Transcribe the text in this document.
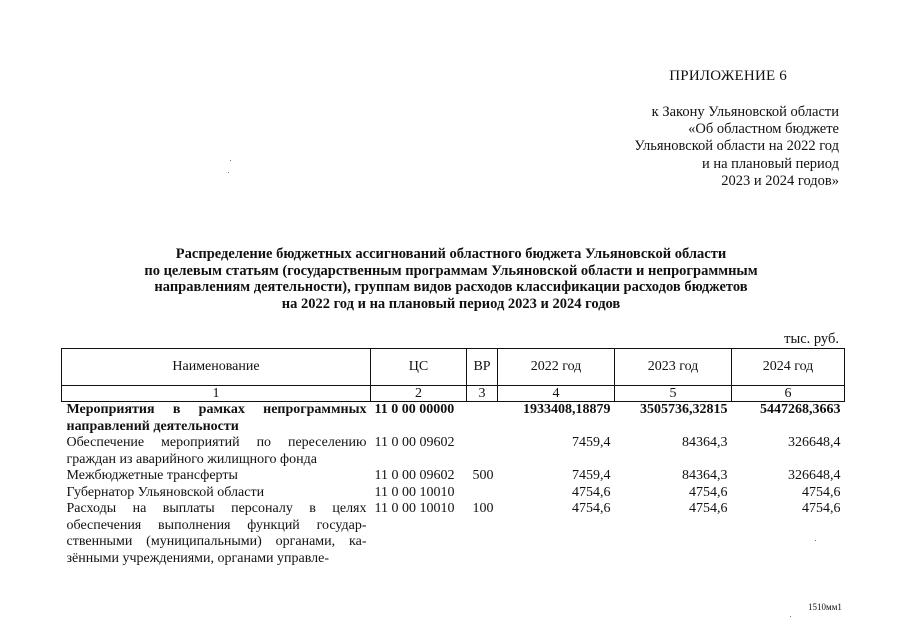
ПРИЛОЖЕНИЕ 6
к Закону Ульяновской области
«Об областном бюджете
Ульяновской области на 2022 год
и на плановый период
2023 и 2024 годов»
Распределение бюджетных ассигнований областного бюджета Ульяновской области
по целевым статьям (государственным программам Ульяновской области и непрограммным
направлениям деятельности), группам видов расходов классификации расходов бюджетов
на 2022 год и на плановый период 2023 и 2024 годов
тыс. руб.
Наименование	ЦС	ВР	2022 год	2023 год	2024 год
1	2	3	4	5	6
Мероприятия в рамках непрограммных направлений деятельности	11 0 00 00000		1933408,18879	3505736,32815	5447268,3663
Обеспечение мероприятий по переселению граждан из аварийного жилищного фонда	11 0 00 09602		7459,4	84364,3	326648,4
Межбюджетные трансферты	11 0 00 09602	500	7459,4	84364,3	326648,4
Губернатор Ульяновской области	11 0 00 10010		4754,6	4754,6	4754,6
Расходы на выплаты персоналу в целях обеспечения выполнения функций государ-ственными (муниципальными) органами, ка-зёнными учреждениями, органами управле-	11 0 00 10010	100	4754,6	4754,6	4754,6
1510мм1
